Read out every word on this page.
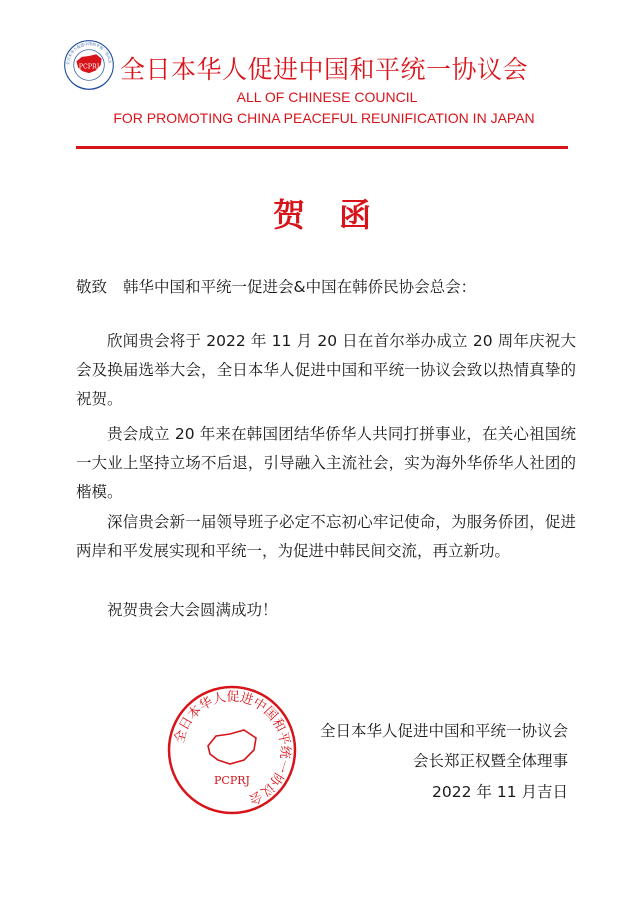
全日本华人促进中国和平统一协议会
PCPRJ 全日本华人促进中国和平统一协议会
ALL OF CHINESE COUNCIL
FOR PROMOTING CHINA PEACEFUL REUNIFICATION IN JAPAN
贺函
敬致 韩华中国和平统一促进会&中国在韩侨民协会总会：

欣闻贵会将于 2022 年 11 月 20 日在首尔举办成立 20 周年庆祝大会及换届选举大会，全日本华人促进中国和平统一协议会致以热情真挚的祝贺。

贵会成立 20 年来在韩国团结华侨华人共同打拼事业，在关心祖国统一大业上坚持立场不后退，引导融入主流社会，实为海外华侨华人社团的楷模。

深信贵会新一届领导班子必定不忘初心牢记使命，为服务侨团，促进两岸和平发展实现和平统一，为促进中韩民间交流，再立新功。

祝贺贵会大会圆满成功！

全日本华人促进中国和平统一协议会
PCPRJ
全日本华人促进中国和平统一协议会
会长郑正权暨全体理事
2022 年 11 月吉日
